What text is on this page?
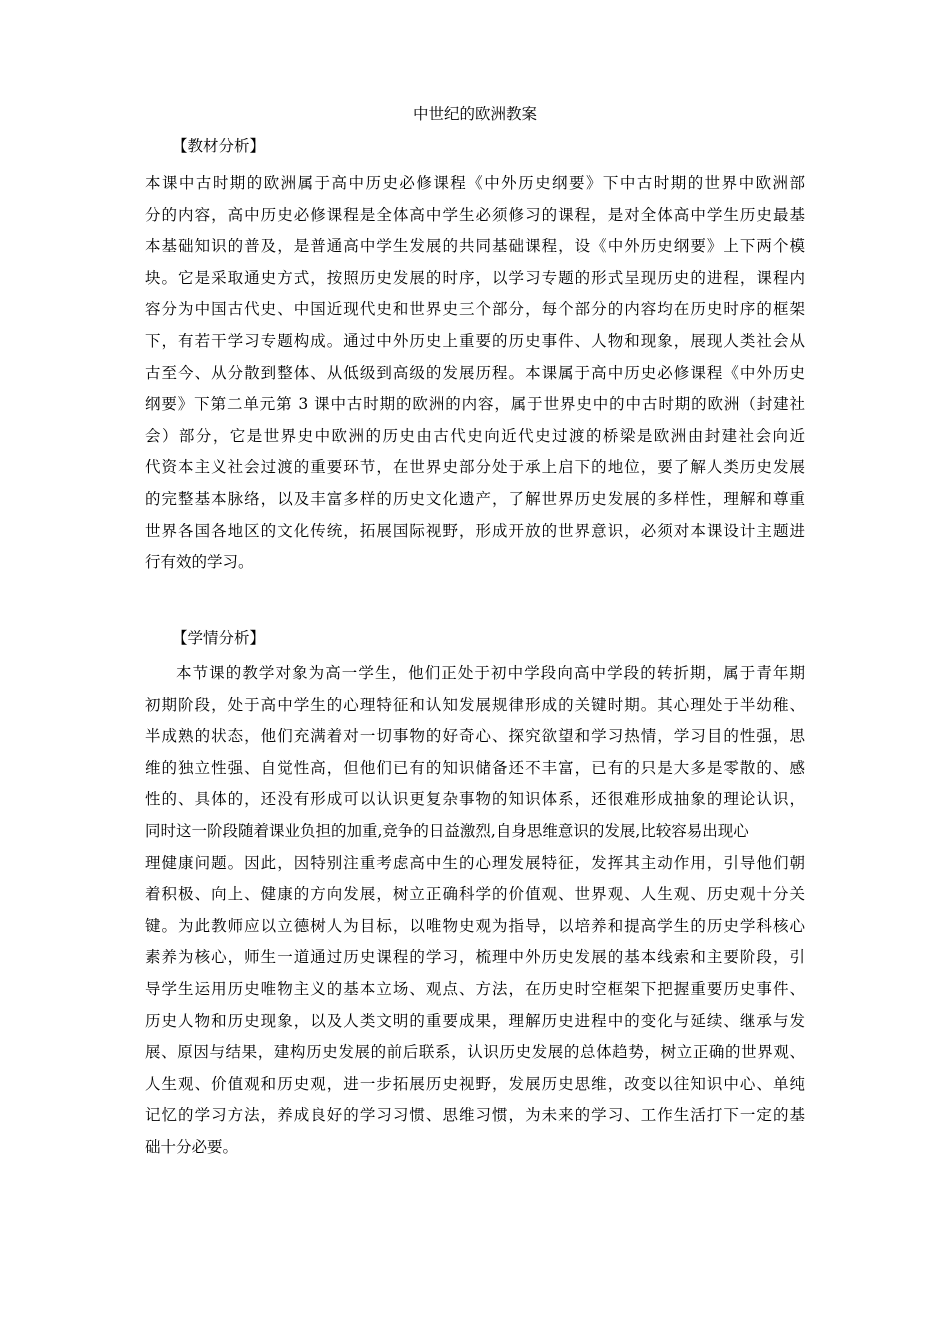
中世纪的欧洲教案
【教材分析】
本课中古时期的欧洲属于高中历史必修课程《中外历史纲要》下中古时期的世界中欧洲部
分的内容，高中历史必修课程是全体高中学生必须修习的课程，是对全体高中学生历史最基
本基础知识的普及，是普通高中学生发展的共同基础课程，设《中外历史纲要》上下两个模
块。它是采取通史方式，按照历史发展的时序，以学习专题的形式呈现历史的进程，课程内
容分为中国古代史、中国近现代史和世界史三个部分，每个部分的内容均在历史时序的框架
下，有若干学习专题构成。通过中外历史上重要的历史事件、人物和现象，展现人类社会从
古至今、从分散到整体、从低级到高级的发展历程。本课属于高中历史必修课程《中外历史
纲要》下第二单元第 3 课中古时期的欧洲的内容，属于世界史中的中古时期的欧洲（封建社
会）部分，它是世界史中欧洲的历史由古代史向近代史过渡的桥梁是欧洲由封建社会向近
代资本主义社会过渡的重要环节，在世界史部分处于承上启下的地位，要了解人类历史发展
的完整基本脉络，以及丰富多样的历史文化遗产，了解世界历史发展的多样性，理解和尊重
世界各国各地区的文化传统，拓展国际视野，形成开放的世界意识，必须对本课设计主题进
行有效的学习。
【学情分析】
本节课的教学对象为高一学生，他们正处于初中学段向高中学段的转折期，属于青年期
初期阶段，处于高中学生的心理特征和认知发展规律形成的关键时期。其心理处于半幼稚、
半成熟的状态，他们充满着对一切事物的好奇心、探究欲望和学习热情，学习目的性强，思
维的独立性强、自觉性高，但他们已有的知识储备还不丰富，已有的只是大多是零散的、感
性的、具体的，还没有形成可以认识更复杂事物的知识体系，还很难形成抽象的理论认识，
同时这一阶段随着课业负担的加重,竞争的日益激烈,自身思维意识的发展,比较容易出现心
理健康问题。因此，因特别注重考虑高中生的心理发展特征，发挥其主动作用，引导他们朝
着积极、向上、健康的方向发展，树立正确科学的价值观、世界观、人生观、历史观十分关
键。为此教师应以立德树人为目标，以唯物史观为指导，以培养和提高学生的历史学科核心
素养为核心，师生一道通过历史课程的学习，梳理中外历史发展的基本线索和主要阶段，引
导学生运用历史唯物主义的基本立场、观点、方法，在历史时空框架下把握重要历史事件、
历史人物和历史现象，以及人类文明的重要成果，理解历史进程中的变化与延续、继承与发
展、原因与结果，建构历史发展的前后联系，认识历史发展的总体趋势，树立正确的世界观、
人生观、价值观和历史观，进一步拓展历史视野，发展历史思维，改变以往知识中心、单纯
记忆的学习方法，养成良好的学习习惯、思维习惯，为未来的学习、工作生活打下一定的基
础十分必要。
